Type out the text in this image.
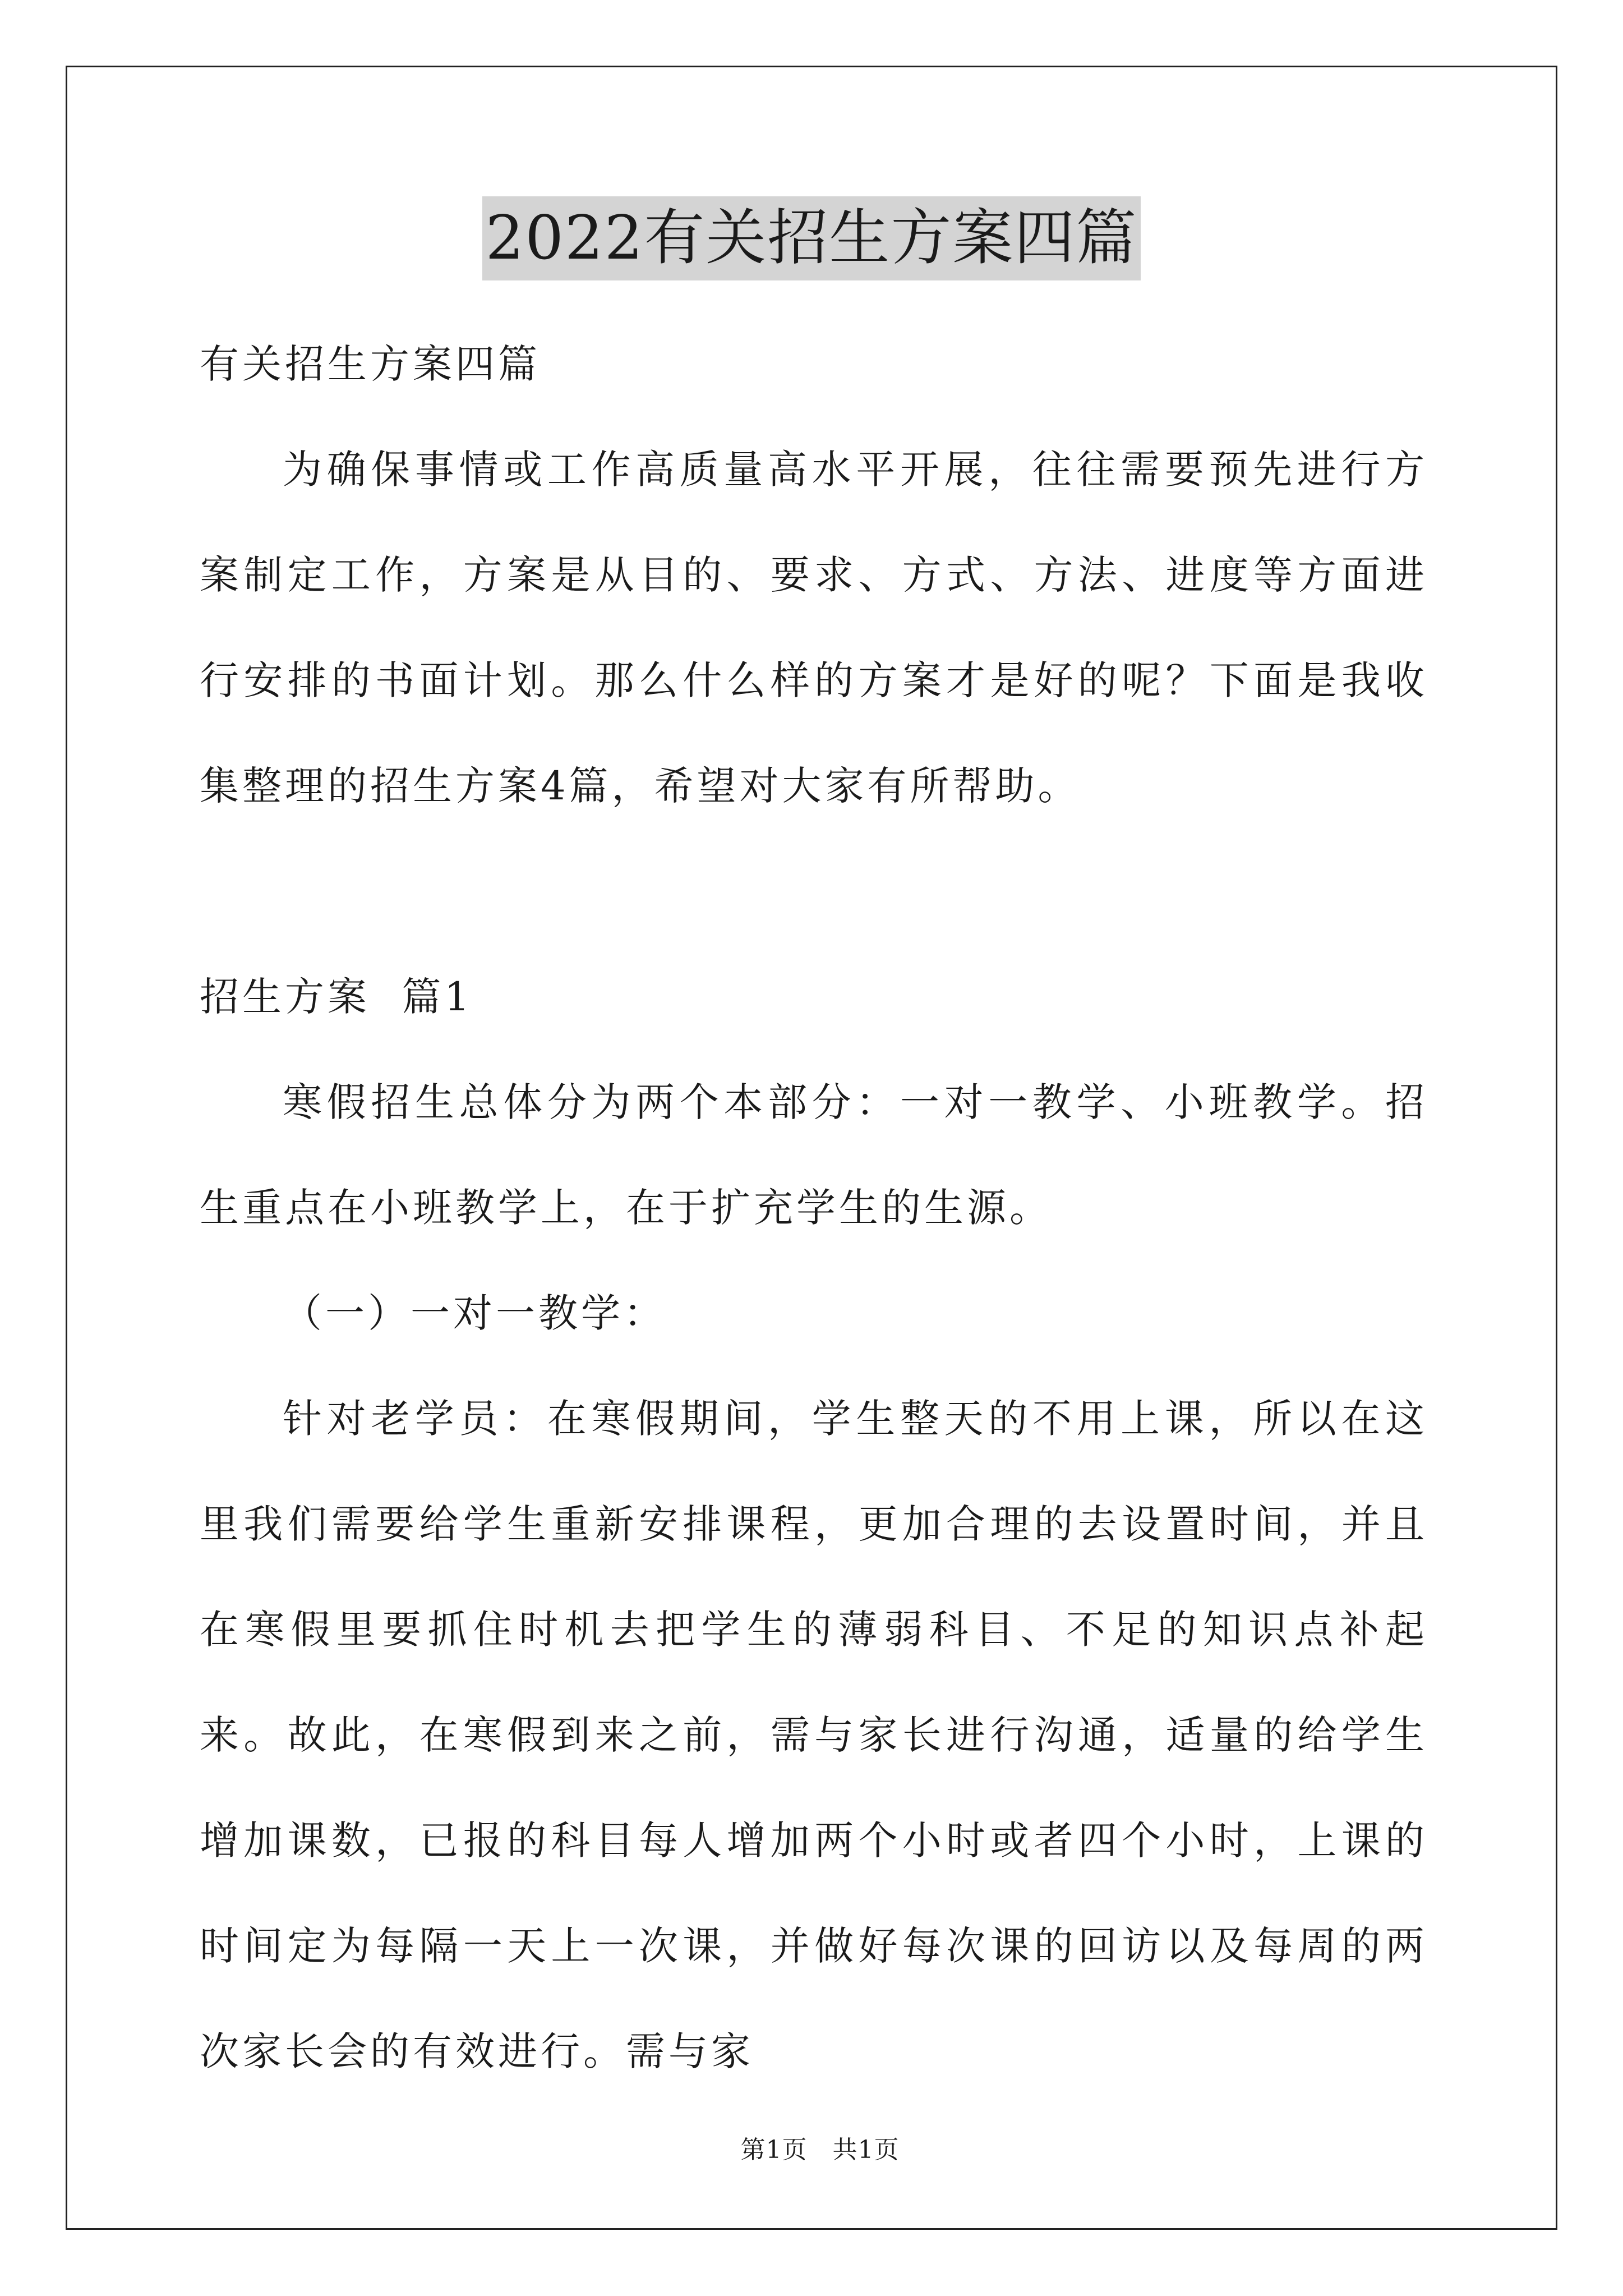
2022有关招生方案四篇

有关招生方案四篇

为确保事情或工作高质量高水平开展，往往需要预先进行方案制定工作，方案是从目的、要求、方式、方法、进度等方面进行安排的书面计划。那么什么样的方案才是好的呢？下面是我收集整理的招生方案4篇，希望对大家有所帮助。

招生方案  篇1

寒假招生总体分为两个本部分：一对一教学、小班教学。招生重点在小班教学上，在于扩充学生的生源。

（一）一对一教学：

针对老学员：在寒假期间，学生整天的不用上课，所以在这里我们需要给学生重新安排课程，更加合理的去设置时间，并且在寒假里要抓住时机去把学生的薄弱科目、不足的知识点补起来。故此，在寒假到来之前，需与家长进行沟通，适量的给学生增加课数，已报的科目每人增加两个小时或者四个小时，上课的时间定为每隔一天上一次课，并做好每次课的回访以及每周的两次家长会的有效进行。需与家

第1页   共1页
